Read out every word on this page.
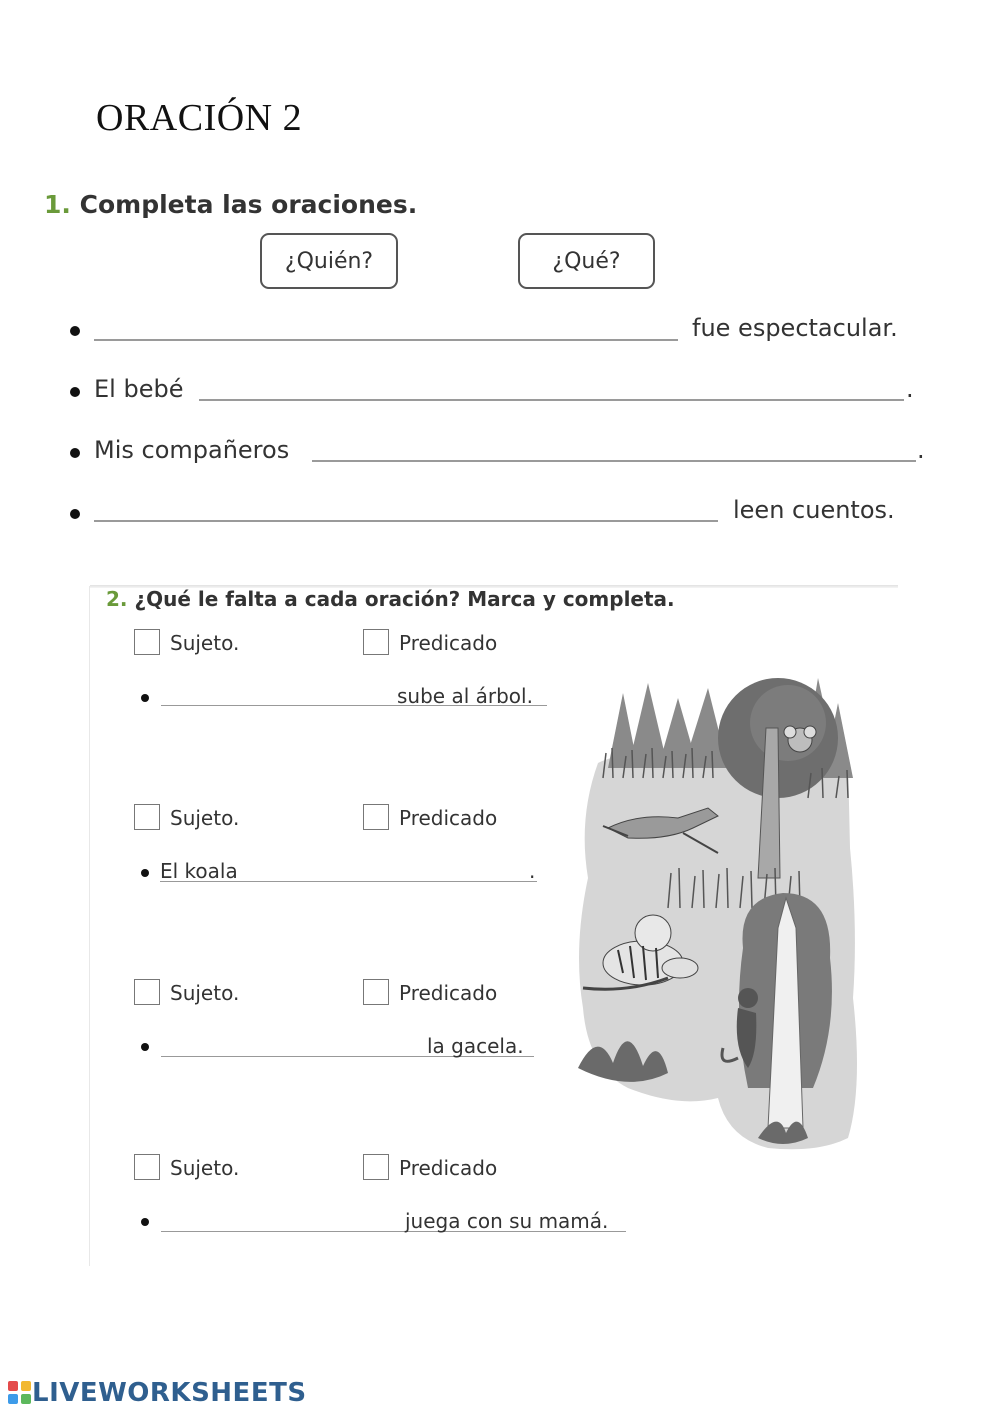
ORACIÓN 2
1. Completa las oraciones.
¿Quién?	¿Qué?
fue espectacular.
El bebé	.
Mis compañeros	.
leen cuentos.
2. ¿Qué le falta a cada oración? Marca y completa.
Sujeto.	Predicado
sube al árbol.
Sujeto.	Predicado
El koala	.
Sujeto.	Predicado
la gacela.
Sujeto.	Predicado
juega con su mamá.
LIVEWORKSHEETS
